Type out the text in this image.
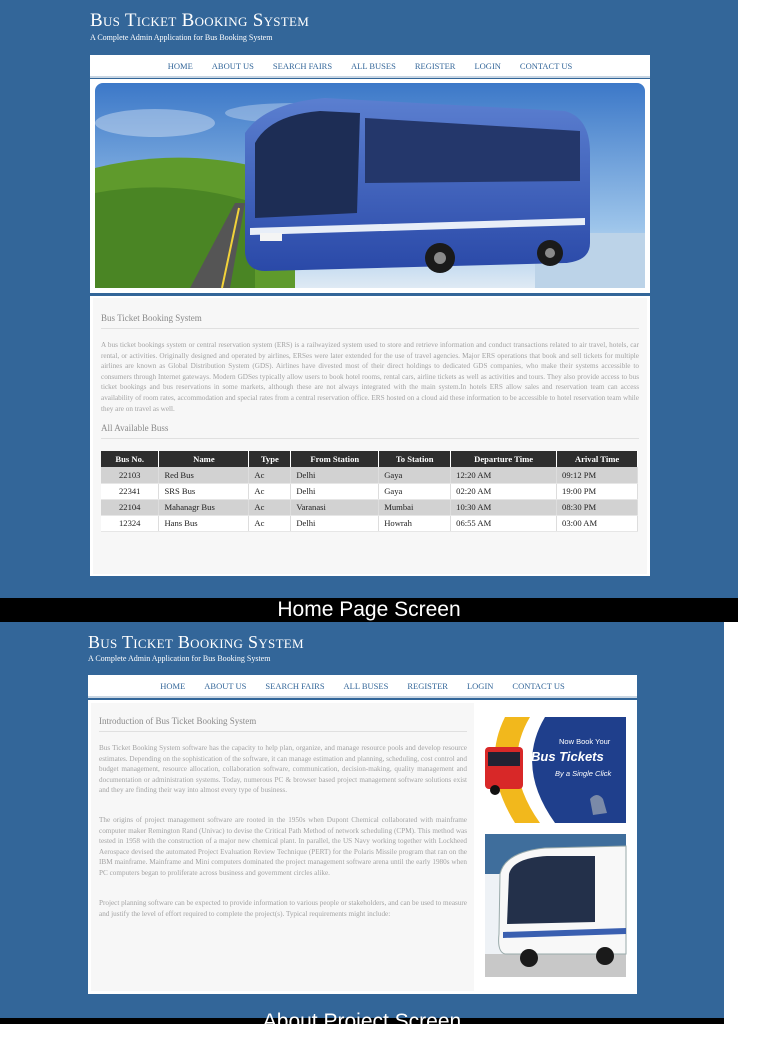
Bus Ticket Booking System
A Complete Admin Application for Bus Booking System
HOME ABOUT US SEARCH FAIRS ALL BUSES REGISTER LOGIN CONTACT US
Bus Ticket Booking System
A bus ticket bookings system or central reservation system (ERS) is a railwayized system used to store and retrieve information and conduct transactions related to air travel, hotels, car rental, or activities. Originally designed and operated by airlines, ERSes were later extended for the use of travel agencies. Major ERS operations that book and sell tickets for multiple airlines are known as Global Distribution System (GDS). Airlines have divested most of their direct holdings to dedicated GDS companies, who make their systems accessible to consumers through Internet gateways. Modern GDSes typically allow users to book hotel rooms, rental cars, airline tickets as well as activities and tours. They also provide access to bus ticket bookings and bus reservations in some markets, although these are not always integrated with the main system.In hotels ERS allow sales and reservation team can access availability of room rates, accommodation and special rates from a central reservation office. ERS hosted on a cloud aid these information to be accessible to hotel reservation team while they are on travel as well.
All Available Buss
Bus No.	Name	Type	From Station	To Station	Departure Time	Arival Time
22103	Red Bus	Ac	Delhi	Gaya	12:20 AM	09:12 PM
22341	SRS Bus	Ac	Delhi	Gaya	02:20 AM	19:00 PM
22104	Mahanagr Bus	Ac	Varanasi	Mumbai	10:30 AM	08:30 PM
12324	Hans Bus	Ac	Delhi	Howrah	06:55 AM	03:00 AM
Home Page Screen
Bus Ticket Booking System
A Complete Admin Application for Bus Booking System
HOME ABOUT US SEARCH FAIRS ALL BUSES REGISTER LOGIN CONTACT US
Introduction of Bus Ticket Booking System
Bus Ticket Booking System software has the capacity to help plan, organize, and manage resource pools and develop resource estimates. Depending on the sophistication of the software, it can manage estimation and planning, scheduling, cost control and budget management, resource allocation, collaboration software, communication, decision-making, quality management and documentation or administration systems. Today, numerous PC & browser based project management software solutions exist and they are finding their way into almost every type of business.
The origins of project management software are rooted in the 1950s when Dupont Chemical collaborated with mainframe computer maker Remington Rand (Univac) to devise the Critical Path Method of network scheduling (CPM). This method was tested in 1958 with the construction of a major new chemical plant. In parallel, the US Navy working together with Lockheed Aerospace devised the automated Project Evaluation Review Technique (PERT) for the Polaris Missile program that ran on the IBM mainframe. Mainframe and Mini computers dominated the project management software arena until the early 1980s when PC computers began to proliferate across business and government circles alike.
Project planning software can be expected to provide information to various people or stakeholders, and can be used to measure and justify the level of effort required to complete the project(s). Typical requirements might include:
Now Book Your
Bus Tickets
By a Single Click
About Project Screen
